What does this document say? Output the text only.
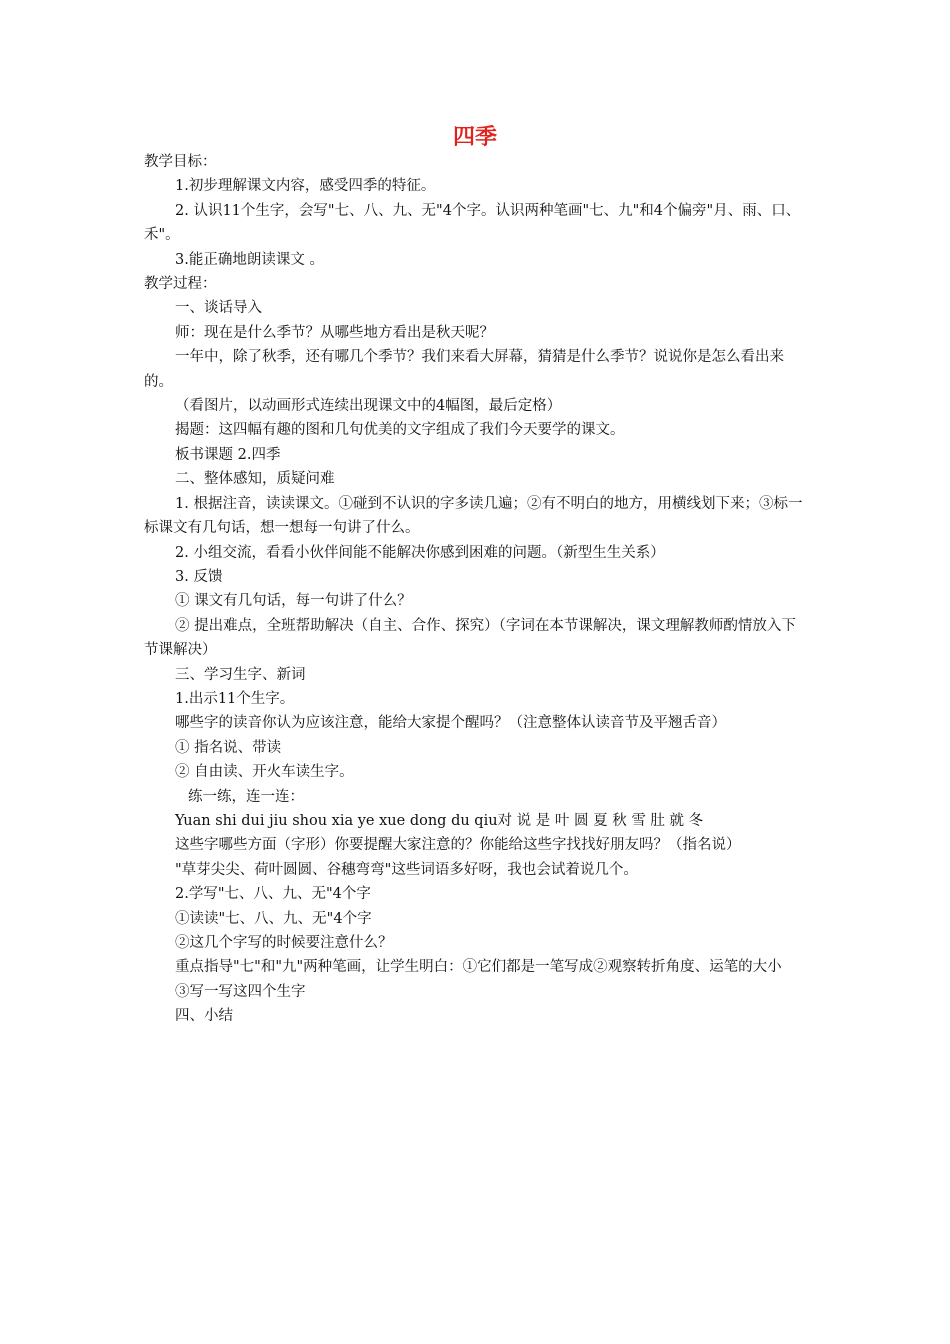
四季
教学目标：
1.初步理解课文内容，感受四季的特征。
2. 认识11个生字，会写"七、八、九、无"4个字。认识两种笔画"七、九"和4个偏旁"月、雨、口、禾"。
3.能正确地朗读课文 。
教学过程：
一、谈话导入
师：现在是什么季节？从哪些地方看出是秋天呢？
一年中，除了秋季，还有哪几个季节？我们来看大屏幕，猜猜是什么季节？说说你是怎么看出来的。
（看图片，以动画形式连续出现课文中的4幅图，最后定格）
揭题：这四幅有趣的图和几句优美的文字组成了我们今天要学的课文。
板书课题 2.四季
二、整体感知，质疑问难
1. 根据注音，读读课文。①碰到不认识的字多读几遍；②有不明白的地方，用横线划下来；③标一标课文有几句话，想一想每一句讲了什么。
2. 小组交流，看看小伙伴间能不能解决你感到困难的问题。（新型生生关系）
3. 反馈
① 课文有几句话，每一句讲了什么？
② 提出难点，全班帮助解决（自主、合作、探究）（字词在本节课解决，课文理解教师酌情放入下节课解决）
三、学习生字、新词
1.出示11个生字。
哪些字的读音你认为应该注意，能给大家提个醒吗？（注意整体认读音节及平翘舌音）
① 指名说、带读
② 自由读、开火车读生字。
练一练，连一连：
Yuan shi dui jiu shou xia ye xue dong du qiu对 说 是 叶 圆 夏 秋 雪 肚 就 冬
这些字哪些方面（字形）你要提醒大家注意的？你能给这些字找找好朋友吗？（指名说）
"草芽尖尖、荷叶圆圆、谷穗弯弯"这些词语多好呀，我也会试着说几个。
2.学写"七、八、九、无"4个字
①读读"七、八、九、无"4个字
②这几个字写的时候要注意什么？
重点指导"七"和"九"两种笔画，让学生明白：①它们都是一笔写成②观察转折角度、运笔的大小
③写一写这四个生字
四、小结
